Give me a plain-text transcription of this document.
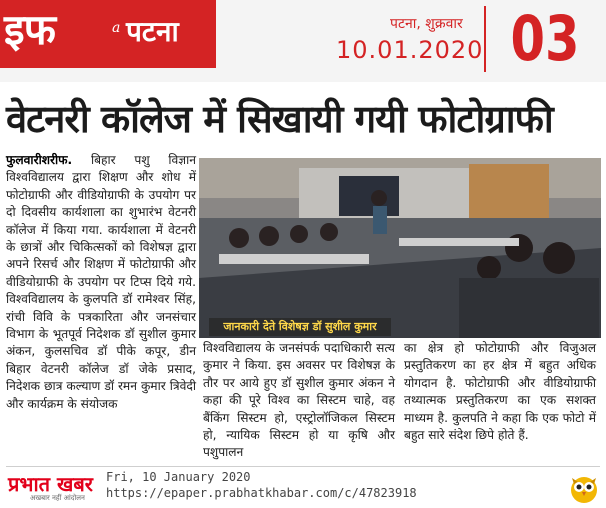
इफ	a पटना	पटना, शुक्रवार
10.01.2020 03
वेटनरी कॉलेज में सिखायी गयी फोटोग्राफी
फुलवारीशरीफ. बिहार पशु विज्ञान विश्वविद्यालय द्वारा शिक्षण और शोध में फोटोग्राफी और वीडियोग्राफी के उपयोग पर दो दिवसीय कार्यशाला का शुभारंभ वेटनरी कॉलेज में किया गया. कार्यशाला में वेटनरी के छात्रों और चिकित्सकों को विशेषज्ञ द्वारा अपने रिसर्च और शिक्षण में फोटोग्राफी और वीडियोग्राफी के उपयोग पर टिप्स दिये गये. विश्वविद्यालय के कुलपति डॉ रामेश्वर सिंह, रांची विवि के पत्रकारिता और जनसंचार विभाग के भूतपूर्व निदेशक डॉ सुशील कुमार अंकन, कुलसचिव डॉ पीके कपूर, डीन बिहार वेटनरी कॉलेज डॉ जेके प्रसाद, निदेशक छात्र कल्याण डॉ रमन कुमार त्रिवेदी और कार्यक्रम के संयोजक
जानकारी देते विशेषज्ञ डॉ सुशील कुमार
विश्वविद्यालय के जनसंपर्क पदाधिकारी सत्य कुमार ने किया. इस अवसर पर विशेषज्ञ के तौर पर आये हुए डॉ सुशील कुमार अंकन ने कहा की पूरे विश्व का सिस्टम चाहे, वह बैंकिंग सिस्टम हो, एस्ट्रोलॉजिकल सिस्टम हो, न्यायिक सिस्टम हो या कृषि और पशुपालन
का क्षेत्र हो फोटोग्राफी और विजुअल प्रस्तुतिकरण का हर क्षेत्र में बहुत अधिक योगदान है. फोटोग्राफी और वीडियोग्राफी तथ्यात्मक प्रस्तुतिकरण का एक सशक्त माध्यम है. कुलपति ने कहा कि एक फोटो में बहुत सारे संदेश छिपे होते हैं.
प्रभात खबर
अखबार नहीं आंदोलन
Fri, 10 January 2020
https://epaper.prabhatkhabar.com/c/47823918
